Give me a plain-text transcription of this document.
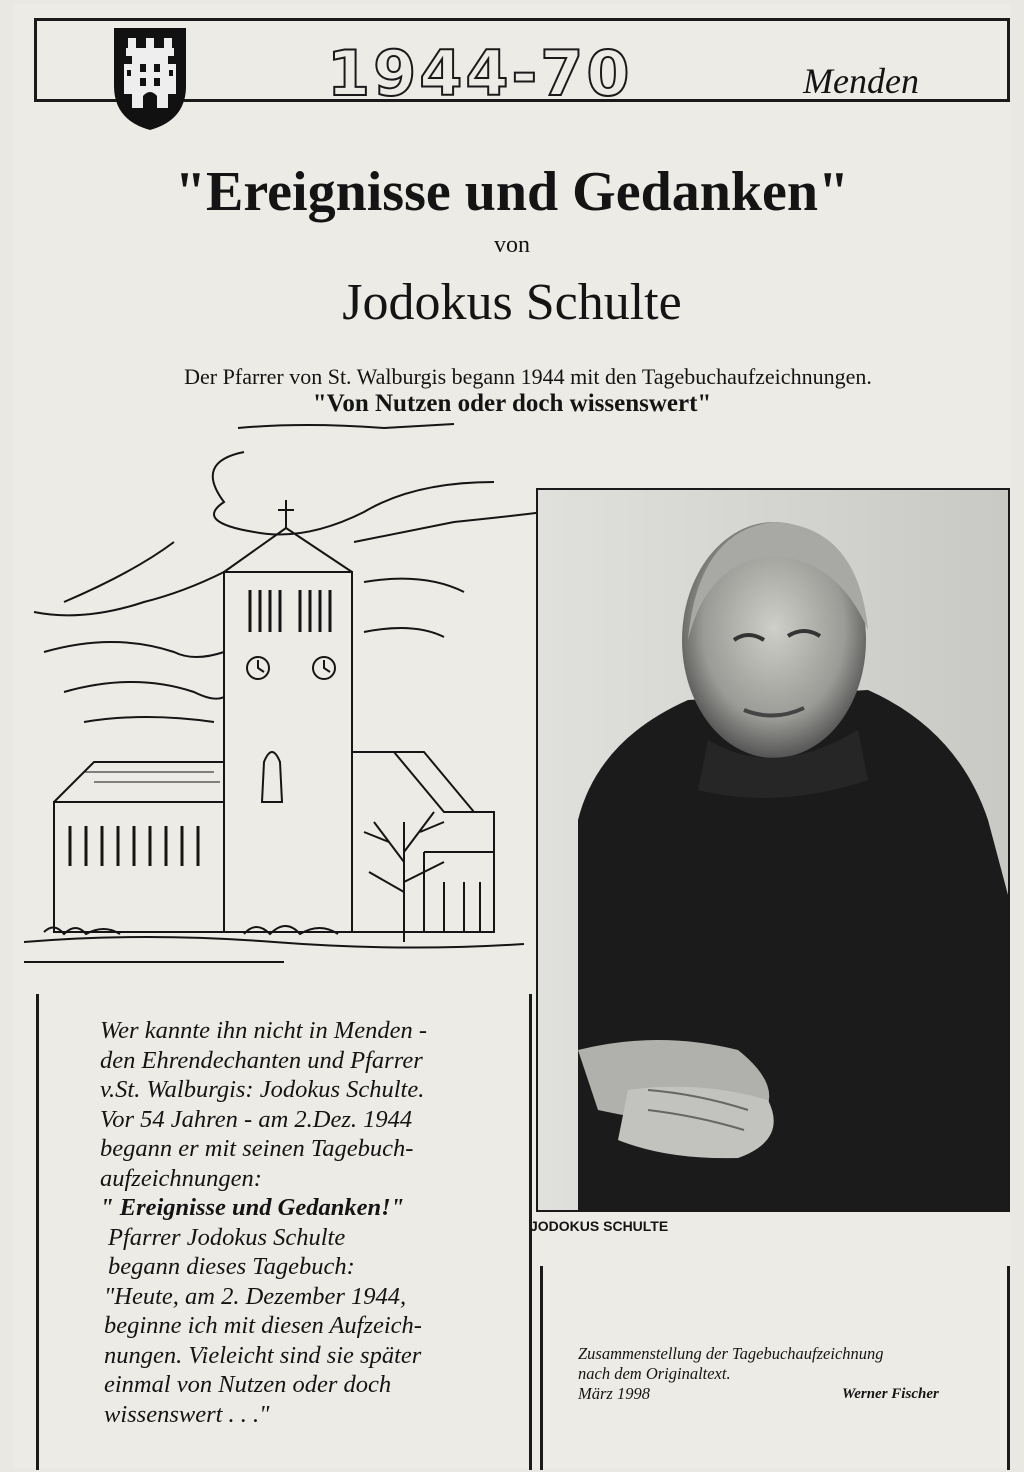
1944-70	Menden
"Ereignisse und Gedanken"
von
Jodokus Schulte
Der Pfarrer von St. Walburgis begann 1944 mit den Tagebuchaufzeichnungen.
"Von Nutzen oder doch wissenswert"
JODOKUS SCHULTE
Wer kannte ihn nicht in Menden -
den Ehrendechanten und Pfarrer
v.St. Walburgis: Jodokus Schulte.
Vor 54 Jahren - am 2.Dez. 1944
begann er mit seinen Tagebuch-
aufzeichnungen:
" Ereignisse und Gedanken!"
Pfarrer Jodokus Schulte
begann dieses Tagebuch:
"Heute, am 2. Dezember 1944,
beginne ich mit diesen Aufzeich-
nungen. Vieleicht sind sie später
einmal von Nutzen oder doch
wissenswert . . ."
Zusammenstellung der Tagebuchaufzeichnung
nach dem Originaltext.
März 1998	Werner Fischer
